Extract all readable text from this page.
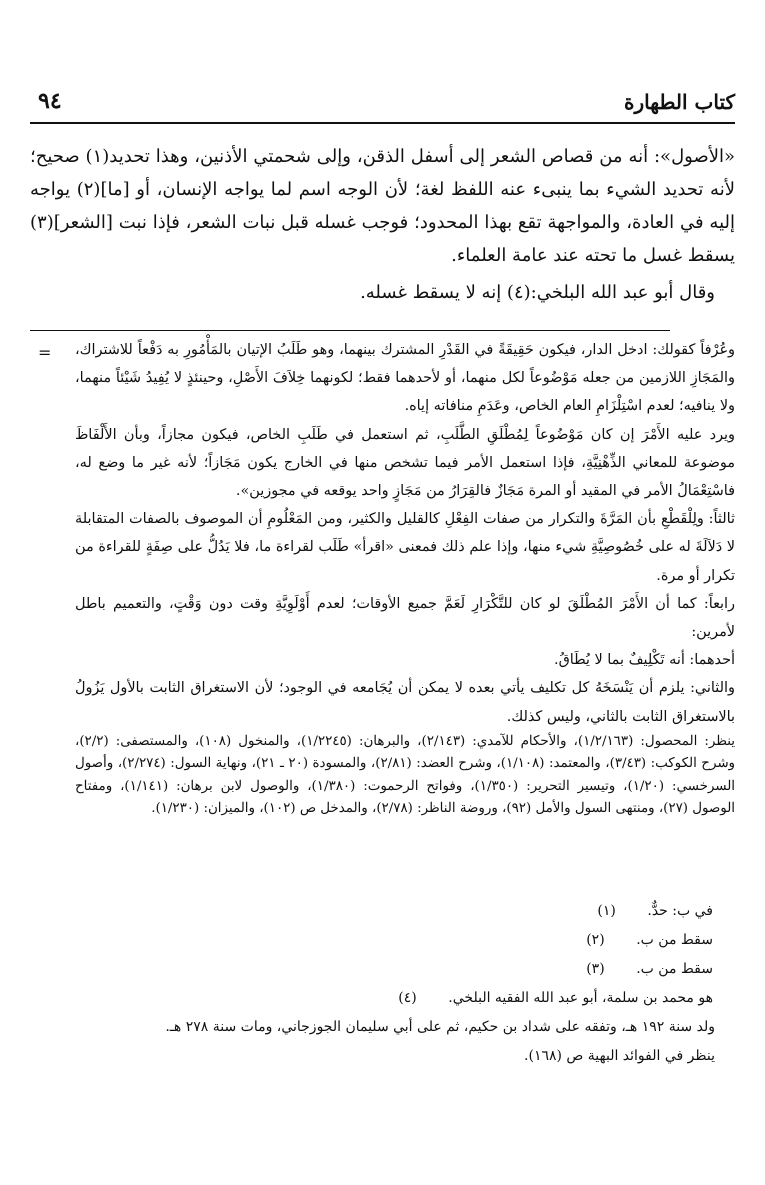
كتاب الطهارة
٩٤

«الأصول»: أنه من قصاص الشعر إلى أسفل الذقن، وإلى شحمتي الأذنين، وهذا تحديد(١) صحيح؛ لأنه تحديد الشيء بما ينبىء عنه اللفظ لغة؛ لأن الوجه اسم لما يواجه الإنسان، أو [ما](٢) يواجه إليه في العادة، والمواجهة تقع بهذا المحدود؛ فوجب غسله قبل نبات الشعر، فإذا نبت [الشعر](٣) يسقط غسل ما تحته عند عامة العلماء.

وقال أبو عبد الله البلخي:(٤) إنه لا يسقط غسله.

= وعُرْفاً كقولك: ادخل الدار، فيكون حَقِيقَةً في القَدْرِ المشترك بينهما، وهو طَلَبُ الإتيان بالمَأْمُورِ به دَفْعاً للاشتراك، والمَجَازِ اللازمين من جعله مَوْضُوعاً لكل منهما، أو لأحدهما فقط؛ لكونهما خِلاَفَ الأَصْلِ، وحينئذٍ لا يُفِيدُ شَيْئاً منهما، ولا ينافيه؛ لعدم اسْتِلْزَامِ العام الخاص، وعَدَمِ منافاته إياه.

ويرد عليه الأَمْرَ إن كان مَوْضُوعاً لِمُطْلَقِ الطَّلَبِ، ثم استعمل في طَلَبِ الخاص، فيكون مجازاً، وبأن الأَلْفَاظَ موضوعة للمعاني الذِّهْنِيَّةِ، فإذا استعمل الأمر فيما تشخص منها في الخارج يكون مَجَازاً؛ لأنه غير ما وضع له، فاسْتِعْمَالُ الأمر في المقيد أو المرة مَجَازٌ فالقِرَارُ من مَجَازٍ واحد يوقعه في مجوزين».

ثالثاً: ولِلْقَطْعِ بأن المَرَّةَ والتكرار من صفات الفِعْلِ كالقليل والكثير، ومن المَعْلُومِ أن الموصوف بالصفات المتقابلة لا دَلاَلَةَ له على خُصُوصِيَّةِ شيء منها، وإذا علم ذلك فمعنى «اقرأ» طَلَب لقراءة ما، فلا يَدُلُّ على صِفَةٍ للقراءة من تكرار أو مرة.

رابعاً: كما أن الأَمْرَ المُطْلَقَ لو كان للتَّكْرَارِ لَعَمَّ جميع الأوقات؛ لعدم أَوْلَوِيَّةِ وقت دون وَقْتٍ، والتعميم باطل لأمرين:

أحدهما: أنه تَكْلِيفٌ بما لا يُطَاقُ.

والثاني: يلزم أن يَنْسَخَهُ كل تكليف يأتي بعده لا يمكن أن يُجَامعه في الوجود؛ لأن الاستغراق الثابت بالأول يَزُولُ بالاستغراق الثابت بالثاني، وليس كذلك.

ينظر: المحصول: (١/٢/١٦٣)، والأحكام للآمدي: (٢/١٤٣)، والبرهان: (١/٢٢٤٥)، والمنخول (١٠٨)، والمستصفى: (٢/٢)، وشرح الكوكب: (٣/٤٣)، والمعتمد: (١/١٠٨)، وشرح العضد: (٢/٨١)، والمسودة (٢٠ ـ ٢١)، ونهاية السول: (٢/٢٧٤)، وأصول السرخسي: (١/٢٠)، وتيسير التحرير: (١/٣٥٠)، وفواتح الرحموت: (١/٣٨٠)، والوصول لابن برهان: (١/١٤١)، ومفتاح الوصول (٢٧)، ومنتهى السول والأمل (٩٢)، وروضة الناظر: (٢/٧٨)، والمدخل ص (١٠٢)، والميزان: (١/٢٣٠).

في ب: حدٌّ.
(١)
سقط من ب.
(٢)
سقط من ب.
(٣)
هو محمد بن سلمة، أبو عبد الله الفقيه البلخي.
(٤)
ولد سنة ١٩٢ هـ، وتفقه على شداد بن حكيم، ثم على أبي سليمان الجوزجاني، ومات سنة ٢٧٨ هـ.
ينظر في الفوائد البهية ص (١٦٨).
